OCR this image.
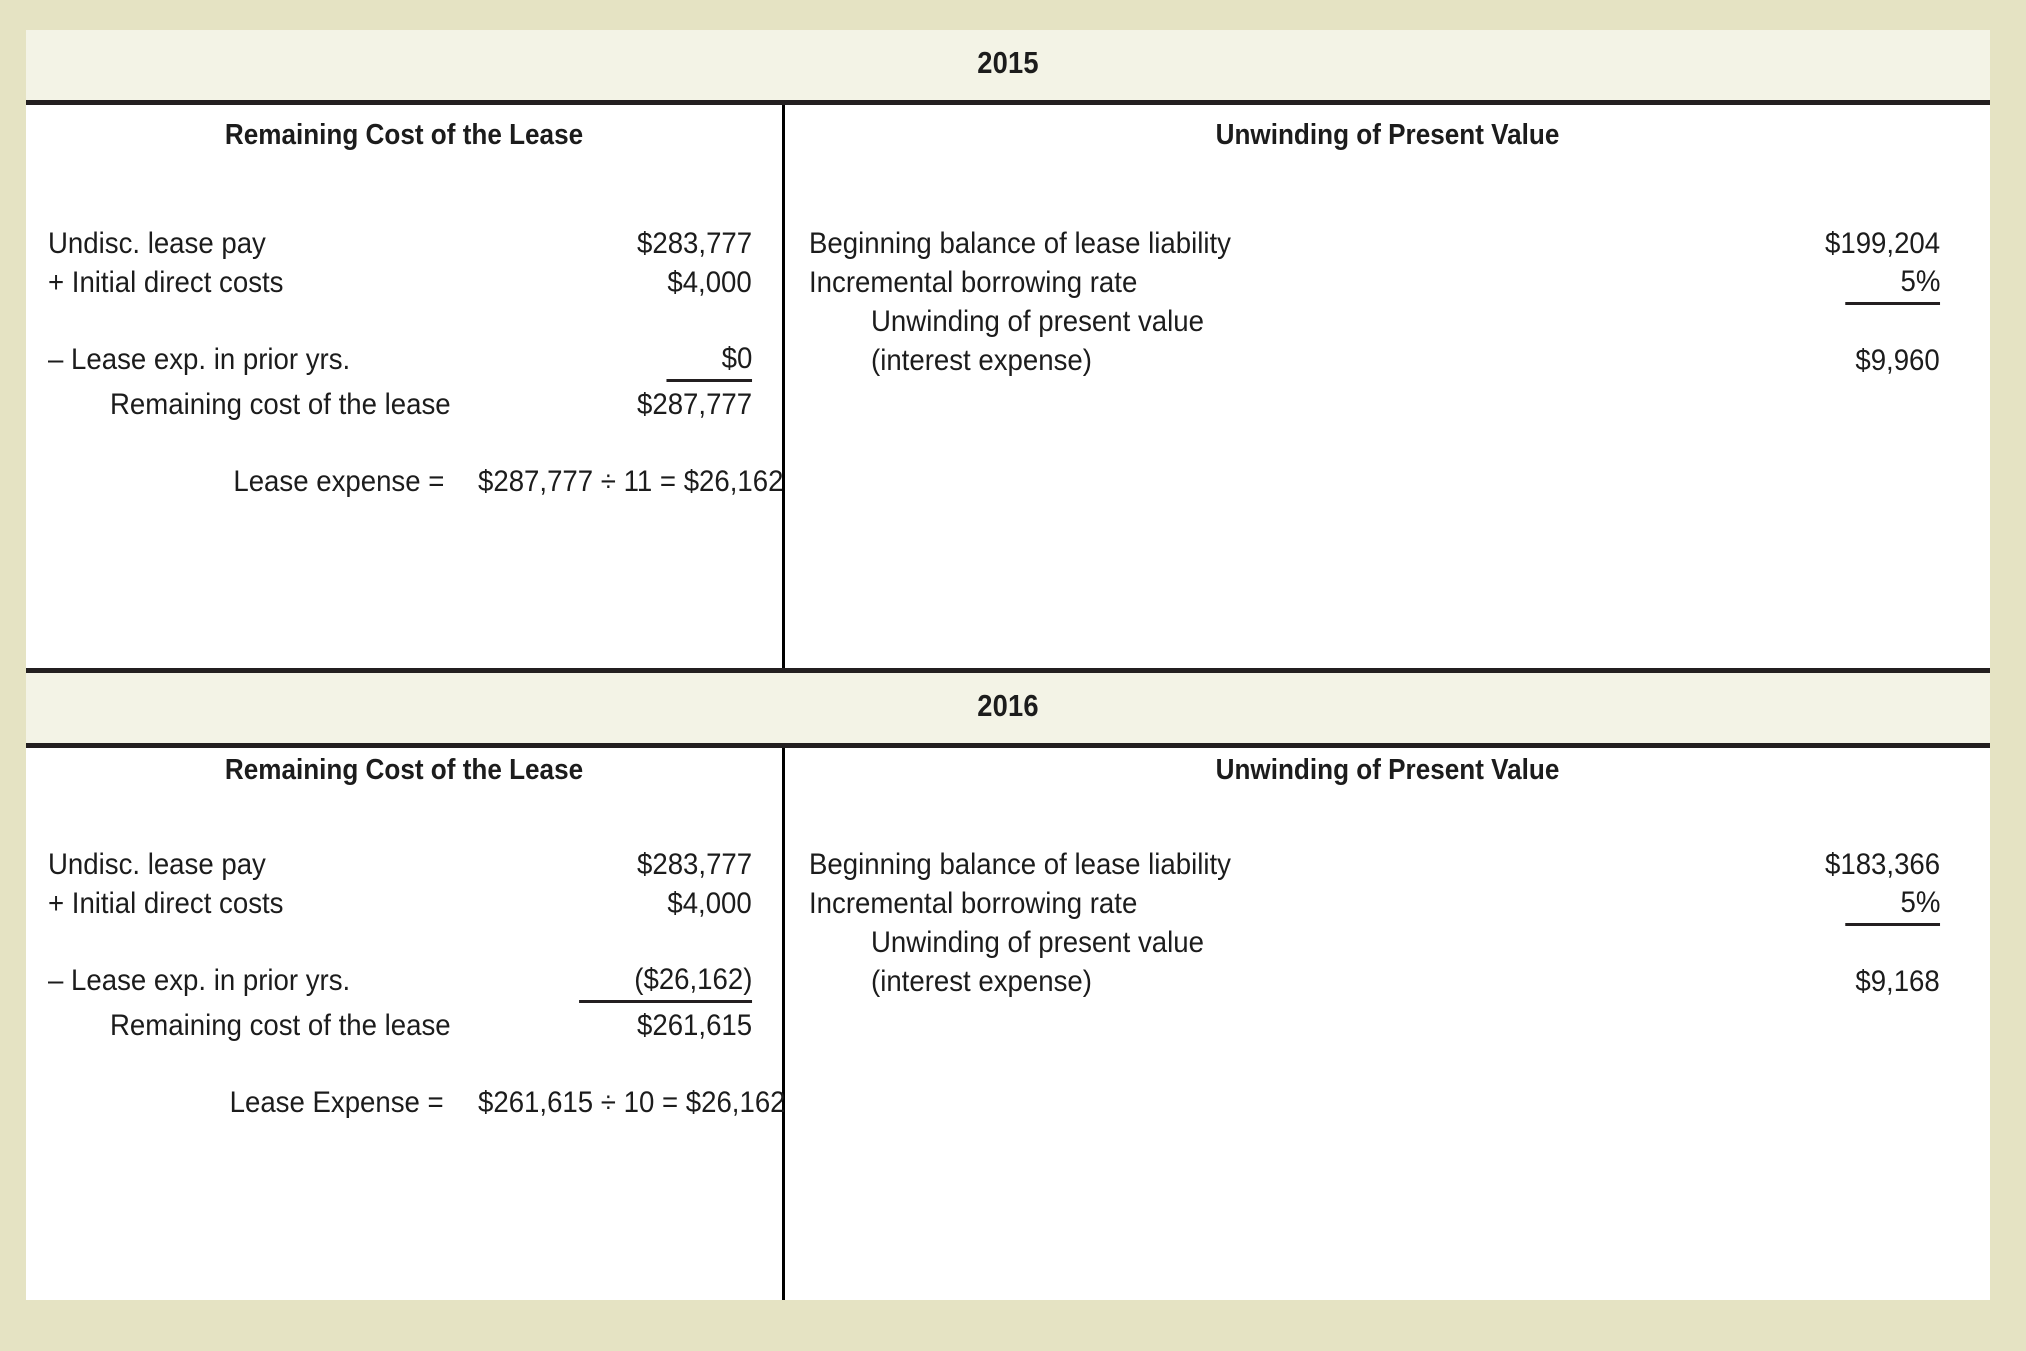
2015
Remaining Cost of the Lease	Unwinding of Present Value
Undisc. lease pay	$283,777
+ Initial direct costs	$4,000
– Lease exp. in prior yrs.	$0
Remaining cost of the lease	$287,777
Beginning balance of lease liability	$199,204
Incremental borrowing rate	5%
Unwinding of present value
(interest expense)	$9,960
Lease expense = $287,777 ÷ 11 = $26,162
2016
Remaining Cost of the Lease	Unwinding of Present Value
Undisc. lease pay	$283,777
+ Initial direct costs	$4,000
– Lease exp. in prior yrs.	($26,162)
Remaining cost of the lease	$261,615
Beginning balance of lease liability	$183,366
Incremental borrowing rate	5%
Unwinding of present value
(interest expense)	$9,168
Lease Expense = $261,615 ÷ 10 = $26,162
